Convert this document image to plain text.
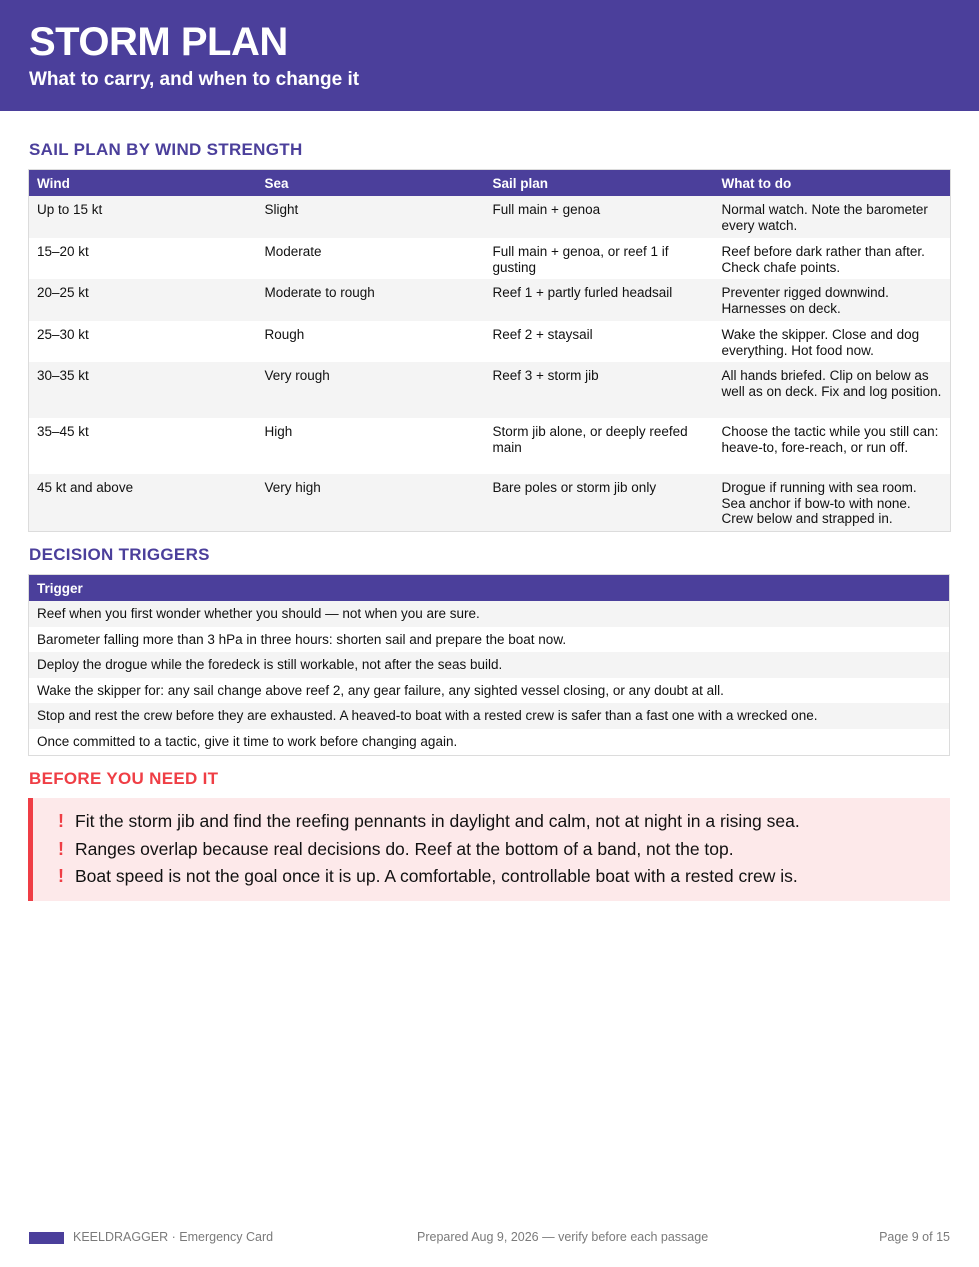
STORM PLAN
What to carry, and when to change it
SAIL PLAN BY WIND STRENGTH
Wind	Sea	Sail plan	What to do
Up to 15 kt	Slight	Full main + genoa	Normal watch. Note the barometer every watch.
15–20 kt	Moderate	Full main + genoa, or reef 1 if gusting	Reef before dark rather than after. Check chafe points.
20–25 kt	Moderate to rough	Reef 1 + partly furled headsail	Preventer rigged downwind. Harnesses on deck.
25–30 kt	Rough	Reef 2 + staysail	Wake the skipper. Close and dog everything. Hot food now.
30–35 kt	Very rough	Reef 3 + storm jib	All hands briefed. Clip on below as well as on deck. Fix and log position.
35–45 kt	High	Storm jib alone, or deeply reefed main	Choose the tactic while you still can: heave-to, fore-reach, or run off.
45 kt and above	Very high	Bare poles or storm jib only	Drogue if running with sea room. Sea anchor if bow-to with none. Crew below and strapped in.
DECISION TRIGGERS
Trigger
Reef when you first wonder whether you should — not when you are sure.
Barometer falling more than 3 hPa in three hours: shorten sail and prepare the boat now.
Deploy the drogue while the foredeck is still workable, not after the seas build.
Wake the skipper for: any sail change above reef 2, any gear failure, any sighted vessel closing, or any doubt at all.
Stop and rest the crew before they are exhausted. A heaved-to boat with a rested crew is safer than a fast one with a wrecked one.
Once committed to a tactic, give it time to work before changing again.
BEFORE YOU NEED IT
! Fit the storm jib and find the reefing pennants in daylight and calm, not at night in a rising sea.
! Ranges overlap because real decisions do. Reef at the bottom of a band, not the top.
! Boat speed is not the goal once it is up. A comfortable, controllable boat with a rested crew is.
KEELDRAGGER · Emergency Card	Prepared Aug 9, 2026 — verify before each passage	Page 9 of 15
